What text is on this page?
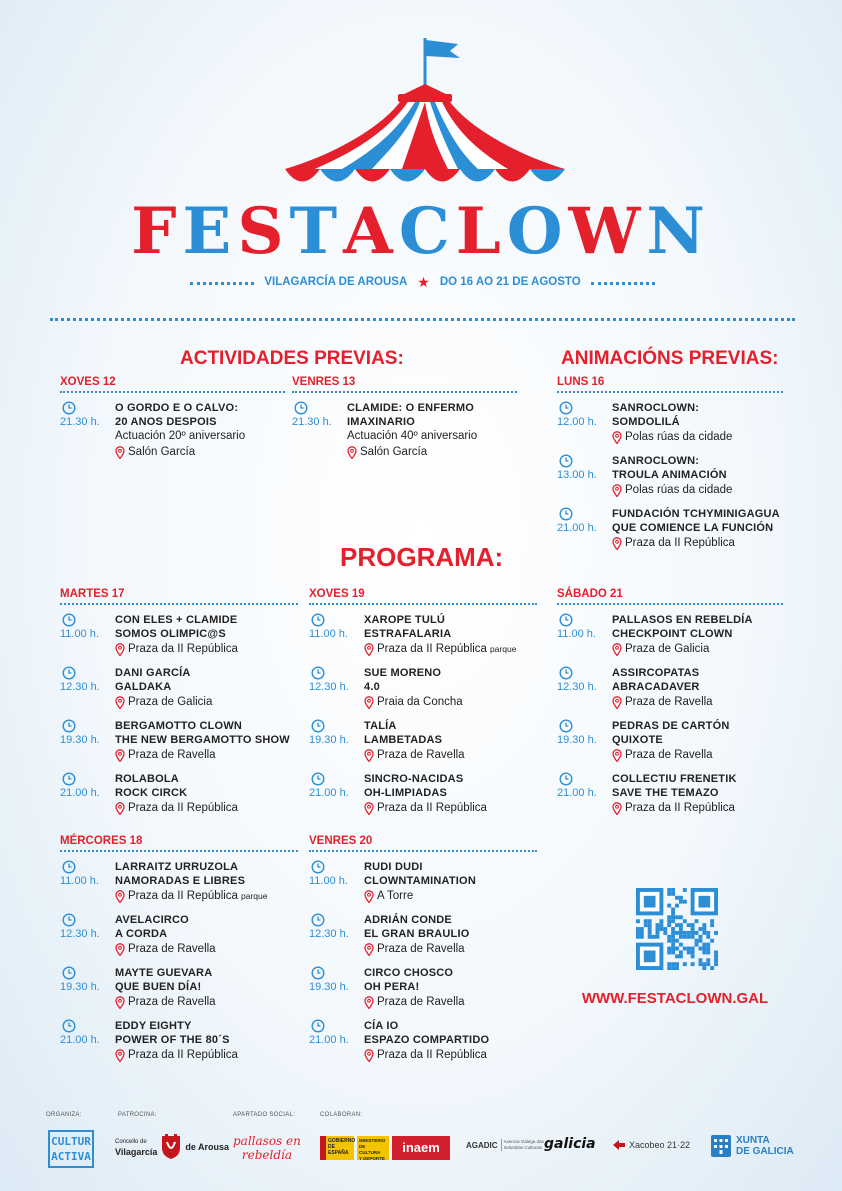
FESTACLOWN
VILAGARCÍA DE AROUSA ★ DO 16 AO 21 DE AGOSTO
ACTIVIDADES PREVIAS:	ANIMACIÓNS PREVIAS:
PROGRAMA:
XOVES 12
21.30 h.
O GORDO E O CALVO:
20 ANOS DESPOIS
Actuación 20º aniversario
Salón García
VENRES 13
21.30 h.
CLAMIDE: O ENFERMO
IMAXINARIO
Actuación 40º aniversario
Salón García
LUNS 16
12.00 h.
SANROCLOWN:
SOMDOLILÁ
Polas rúas da cidade
13.00 h.
SANROCLOWN:
TROULA ANIMACIÓN
Polas rúas da cidade
21.00 h.
FUNDACIÓN TCHYMINIGAGUA
QUE COMIENCE LA FUNCIÓN
Praza da II República
MARTES 17
11.00 h.
CON ELES + CLAMIDE
SOMOS OLIMPIC@S
Praza da II República
12.30 h.
DANI GARCÍA
GALDAKA
Praza de Galicia
19.30 h.
BERGAMOTTO CLOWN
THE NEW BERGAMOTTO SHOW
Praza de Ravella
21.00 h.
ROLABOLA
ROCK CIRCK
Praza da II República
XOVES 19
11.00 h.
XAROPE TULÚ
ESTRAFALARIA
Praza da II República parque
12.30 h.
SUE MORENO
4.0
Praia da Concha
19.30 h.
TALÍA
LAMBETADAS
Praza de Ravella
21.00 h.
SINCRO-NACIDAS
OH-LIMPIADAS
Praza da II República
SÁBADO 21
11.00 h.
PALLASOS EN REBELDÍA
CHECKPOINT CLOWN
Praza de Galicia
12.30 h.
ASSIRCOPATAS
ABRACADAVER
Praza de Ravella
19.30 h.
PEDRAS DE CARTÓN
QUIXOTE
Praza de Ravella
21.00 h.
COLLECTIU FRENETIK
SAVE THE TEMAZO
Praza da II República
MÉRCORES 18
11.00 h.
LARRAITZ URRUZOLA
NAMORADAS E LIBRES
Praza da II República parque
12.30 h.
AVELACIRCO
A CORDA
Praza de Ravella
19.30 h.
MAYTE GUEVARA
QUE BUEN DÍA!
Praza de Ravella
21.00 h.
EDDY EIGHTY
POWER OF THE 80´S
Praza da II República
VENRES 20
11.00 h.
RUDI DUDI
CLOWNTAMINATION
A Torre
12.30 h.
ADRIÁN CONDE
EL GRAN BRAULIO
Praza de Ravella
19.30 h.
CIRCO CHOSCO
OH PERA!
Praza de Ravella
21.00 h.
CÍA IO
ESPAZO COMPARTIDO
Praza da II República
WWW.FESTACLOWN.GAL
ORGANIZA:	PATROCINA:	APARTADO SOCIAL:	COLABORAN:
CULTUR
ACTIVA
Concello de
Vilagarcía	de Arousa pallasos en
rebeldía
GOBIERNO
DE ESPAÑA
MINISTERIO
DE CULTURA
Y DEPORTE
inaem	AGADIC Axencia Galega das
Industrias Culturais galicia	Xacobeo 21·22	XUNTA
DE GALICIA
